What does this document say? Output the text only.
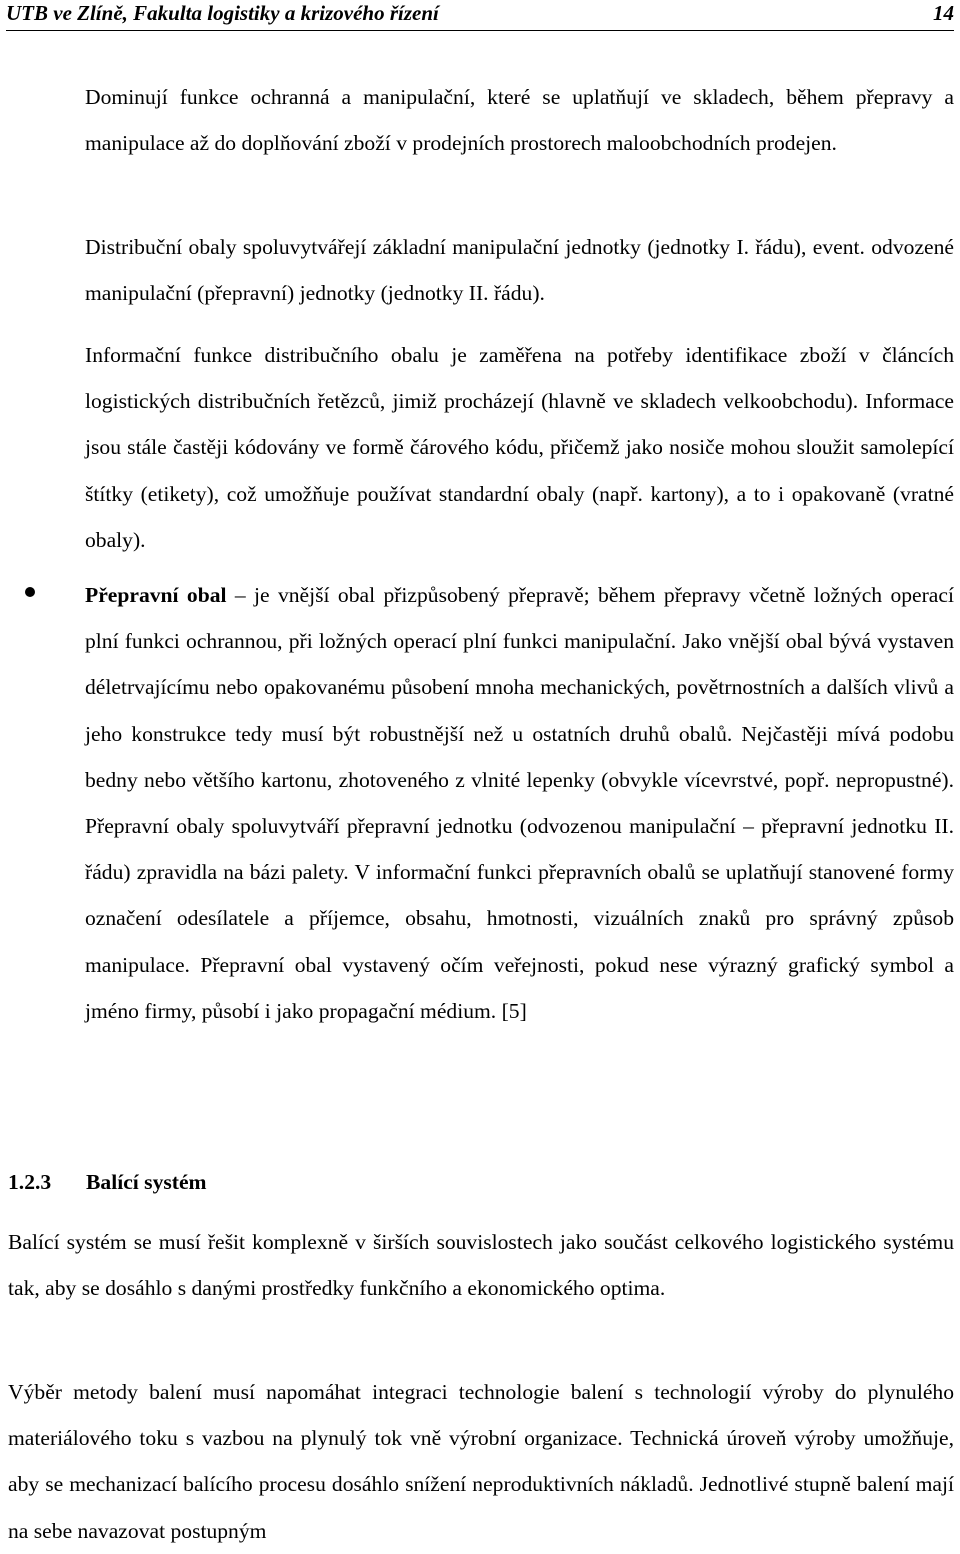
UTB ve Zlíně, Fakulta logistiky a krizového řízení	14

Dominují funkce ochranná a manipulační, které se uplatňují ve skladech, během přepravy a manipulace až do doplňování zboží v prodejních prostorech maloobchodních prodejen.

Distribuční obaly spoluvytvářejí základní manipulační jednotky (jednotky I. řádu), event. odvozené manipulační (přepravní) jednotky (jednotky II. řádu).

Informační funkce distribučního obalu je zaměřena na potřeby identifikace zboží v článcích logistických distribučních řetězců, jimiž procházejí (hlavně ve skladech velkoobchodu). Informace jsou stále častěji kódovány ve formě čárového kódu, přičemž jako nosiče mohou sloužit samolepící štítky (etikety), což umožňuje používat standardní obaly (např. kartony), a to i opakovaně (vratné obaly).

Přepravní obal – je vnější obal přizpůsobený přepravě; během přepravy včetně ložných operací plní funkci ochrannou, při ložných operací plní funkci manipulační. Jako vnější obal bývá vystaven déletrvajícímu nebo opakovanému působení mnoha mechanických, povětrnostních a dalších vlivů a jeho konstrukce tedy musí být robustnější než u ostatních druhů obalů. Nejčastěji mívá podobu bedny nebo většího kartonu, zhotoveného z vlnité lepenky (obvykle vícevrstvé, popř. nepropustné). Přepravní obaly spoluvytváří přepravní jednotku (odvozenou manipulační – přepravní jednotku II. řádu) zpravidla na bázi palety. V informační funkci přepravních obalů se uplatňují stanovené formy označení odesílatele a příjemce, obsahu, hmotnosti, vizuálních znaků pro správný způsob manipulace. Přepravní obal vystavený očím veřejnosti, pokud nese výrazný grafický symbol a jméno firmy, působí i jako propagační médium. [5]

1.2.3 Balící systém

Balící systém se musí řešit komplexně v širších souvislostech jako součást celkového logistického systému tak, aby se dosáhlo s danými prostředky funkčního a ekonomického optima.

Výběr metody balení musí napomáhat integraci technologie balení s technologií výroby do plynulého materiálového toku s vazbou na plynulý tok vně výrobní organizace. Technická úroveň výroby umožňuje, aby se mechanizací balícího procesu dosáhlo snížení neproduktivních nákladů. Jednotlivé stupně balení mají na sebe navazovat postupným
